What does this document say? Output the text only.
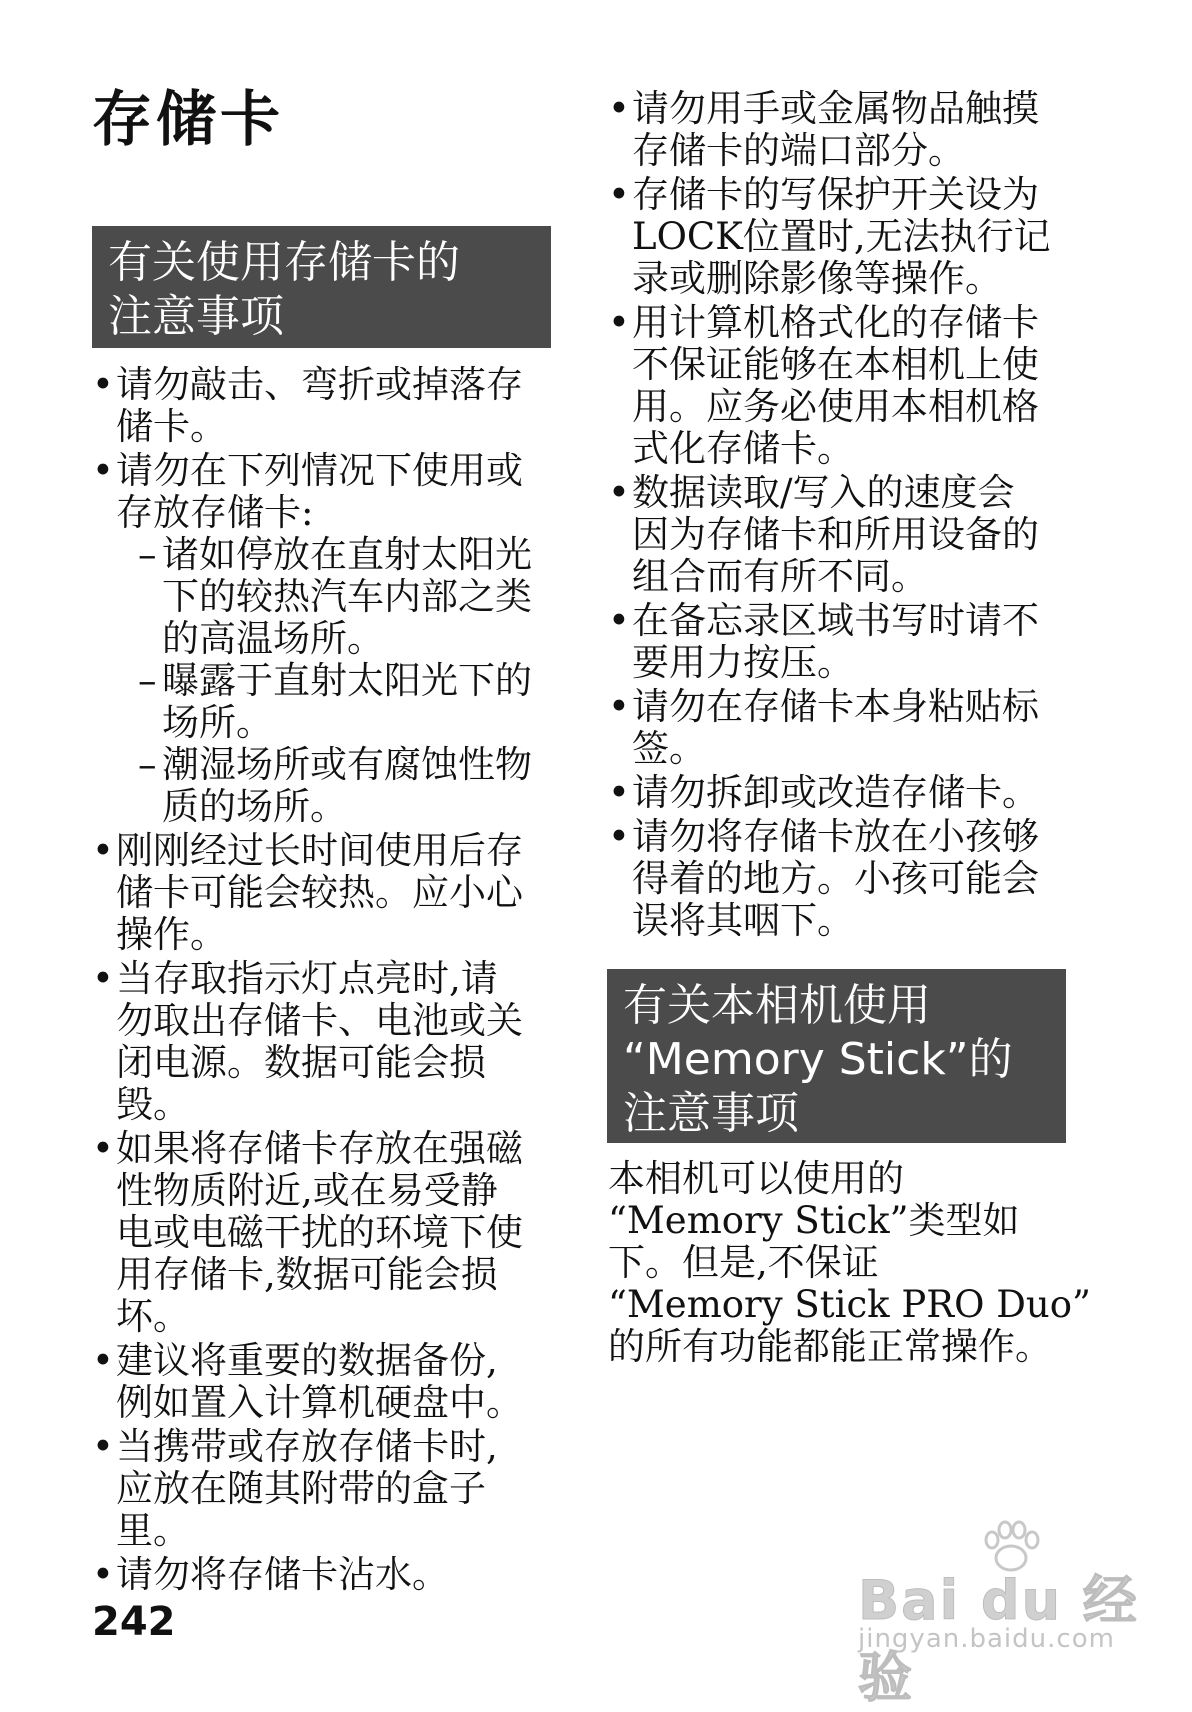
存储卡
有关使用存储卡的
注意事项
• 请勿敲击、弯折或掉落存
储卡。
• 请勿在下列情况下使用或
存放存储卡:
– 诸如停放在直射太阳光
下的较热汽车内部之类
的高温场所。
– 曝露于直射太阳光下的
场所。
– 潮湿场所或有腐蚀性物
质的场所。
• 刚刚经过长时间使用后存
储卡可能会较热。应小心
操作。
• 当存取指示灯点亮时,请
勿取出存储卡、电池或关
闭电源。数据可能会损
毁。
• 如果将存储卡存放在强磁
性物质附近,或在易受静
电或电磁干扰的环境下使
用存储卡,数据可能会损
坏。
• 建议将重要的数据备份,
例如置入计算机硬盘中。
• 当携带或存放存储卡时,
应放在随其附带的盒子
里。
• 请勿将存储卡沾水。
• 请勿用手或金属物品触摸
存储卡的端口部分。
• 存储卡的写保护开关设为
LOCK位置时,无法执行记
录或删除影像等操作。
• 用计算机格式化的存储卡
不保证能够在本相机上使
用。应务必使用本相机格
式化存储卡。
• 数据读取/写入的速度会
因为存储卡和所用设备的
组合而有所不同。
• 在备忘录区域书写时请不
要用力按压。
• 请勿在存储卡本身粘贴标
签。
• 请勿拆卸或改造存储卡。
• 请勿将存储卡放在小孩够
得着的地方。小孩可能会
误将其咽下。
有关本相机使用
“Memory Stick”的
注意事项
本相机可以使用的
“Memory Stick”类型如
下。但是,不保证
“Memory Stick PRO Duo”
的所有功能都能正常操作。
242	Bai du 经验
jingyan.baidu.com
